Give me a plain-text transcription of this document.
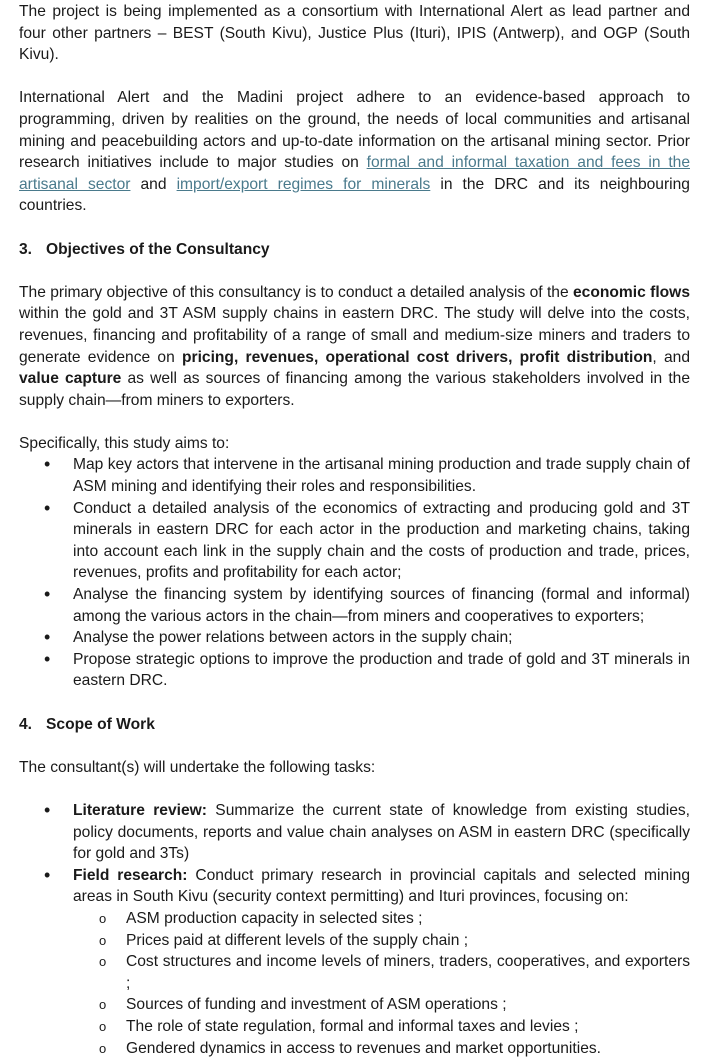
The project is being implemented as a consortium with International Alert as lead partner and four other partners – BEST (South Kivu), Justice Plus (Ituri), IPIS (Antwerp), and OGP (South Kivu).

International Alert and the Madini project adhere to an evidence-based approach to programming, driven by realities on the ground, the needs of local communities and artisanal mining and peacebuilding actors and up-to-date information on the artisanal mining sector. Prior research initiatives include to major studies on formal and informal taxation and fees in the artisanal sector and import/export regimes for minerals in the DRC and its neighbouring countries.

3. Objectives of the Consultancy

The primary objective of this consultancy is to conduct a detailed analysis of the economic flows within the gold and 3T ASM supply chains in eastern DRC. The study will delve into the costs, revenues, financing and profitability of a range of small and medium-size miners and traders to generate evidence on pricing, revenues, operational cost drivers, profit distribution, and value capture as well as sources of financing among the various stakeholders involved in the supply chain—from miners to exporters.

Specifically, this study aims to:

• Map key actors that intervene in the artisanal mining production and trade supply chain of ASM mining and identifying their roles and responsibilities.
• Conduct a detailed analysis of the economics of extracting and producing gold and 3T minerals in eastern DRC for each actor in the production and marketing chains, taking into account each link in the supply chain and the costs of production and trade, prices, revenues, profits and profitability for each actor;
• Analyse the financing system by identifying sources of financing (formal and informal) among the various actors in the chain—from miners and cooperatives to exporters;
• Analyse the power relations between actors in the supply chain;
• Propose strategic options to improve the production and trade of gold and 3T minerals in eastern DRC.
4. Scope of Work

The consultant(s) will undertake the following tasks:

• Literature review: Summarize the current state of knowledge from existing studies, policy documents, reports and value chain analyses on ASM in eastern DRC (specifically for gold and 3Ts)
• Field research: Conduct primary research in provincial capitals and selected mining areas in South Kivu (security context permitting) and Ituri provinces, focusing on:
o ASM production capacity in selected sites ;
o Prices paid at different levels of the supply chain ;
o Cost structures and income levels of miners, traders, cooperatives, and exporters ;
o Sources of funding and investment of ASM operations ;
o The role of state regulation, formal and informal taxes and levies ;
o Gendered dynamics in access to revenues and market opportunities.
